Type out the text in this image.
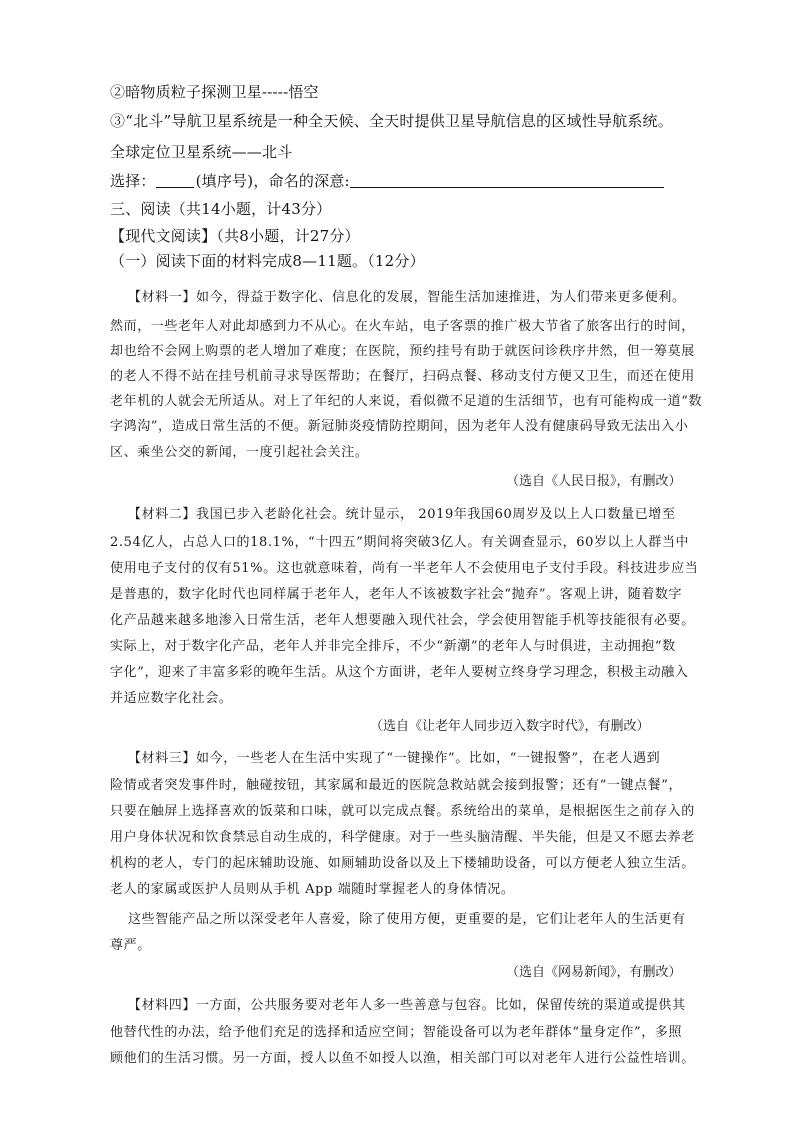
②暗物质粒子探测卫星-----悟空
③“北斗”导航卫星系统是一种全天候、全天时提供卫星导航信息的区域性导航系统。
全球定位卫星系统——北斗
选择：	(填序号)，命名的深意:
三、阅读（共14小题，计43分）
【现代文阅读】（共8小题，计27分）
（一）阅读下面的材料完成8—11题。（12分）
【材料一】如今，得益于数字化、信息化的发展，智能生活加速推进，为人们带来更多便利。
然而，一些老年人对此却感到力不从心。在火车站，电子客票的推广极大节省了旅客出行的时间，
却也给不会网上购票的老人增加了难度；在医院，预约挂号有助于就医问诊秩序井然，但一筹莫展
的老人不得不站在挂号机前寻求导医帮助；在餐厅，扫码点餐、移动支付方便又卫生，而还在使用
老年机的人就会无所适从。对上了年纪的人来说，看似微不足道的生活细节，也有可能构成一道“数
字鸿沟”，造成日常生活的不便。新冠肺炎疫情防控期间，因为老年人没有健康码导致无法出入小
区、乘坐公交的新闻，一度引起社会关注。
（选自《人民日报》，有删改）
【材料二】我国已步入老龄化社会。统计显示， 2019年我国60周岁及以上人口数量已增至
2.54亿人，占总人口的18.1%，“十四五”期间将突破3亿人。有关调查显示，60岁以上人群当中
使用电子支付的仅有51%。这也就意味着，尚有一半老年人不会使用电子支付手段。科技进步应当
是普惠的，数字化时代也同样属于老年人，老年人不该被数字社会“抛弃”。客观上讲，随着数字
化产品越来越多地渗入日常生活，老年人想要融入现代社会，学会使用智能手机等技能很有必要。
实际上，对于数字化产品，老年人并非完全排斥，不少“新潮”的老年人与时俱进，主动拥抱“数
字化”，迎来了丰富多彩的晚年生活。从这个方面讲，老年人要树立终身学习理念，积极主动融入
并适应数字化社会。
（选自《让老年人同步迈入数字时代》，有删改）
【材料三】如今，一些老人在生活中实现了“一键操作”。比如，“一键报警”，在老人遇到
险情或者突发事件时，触碰按钮，其家属和最近的医院急救站就会接到报警；还有“一键点餐”，
只要在触屏上选择喜欢的饭菜和口味，就可以完成点餐。系统给出的菜单，是根据医生之前存入的
用户身体状况和饮食禁忌自动生成的，科学健康。对于一些头脑清醒、半失能，但是又不愿去养老
机构的老人，专门的起床辅助设施、如厕辅助设备以及上下楼辅助设备，可以方便老人独立生活。
老人的家属或医护人员则从手机 App 端随时掌握老人的身体情况。
这些智能产品之所以深受老年人喜爱，除了使用方便，更重要的是，它们让老年人的生活更有
尊严。
（选自《网易新闻》，有删改）
【材料四】一方面，公共服务要对老年人多一些善意与包容。比如，保留传统的渠道或提供其
他替代性的办法，给予他们充足的选择和适应空间；智能设备可以为老年群体“量身定作”，多照
顾他们的生活习惯。另一方面，授人以鱼不如授人以渔，相关部门可以对老年人进行公益性培训。
